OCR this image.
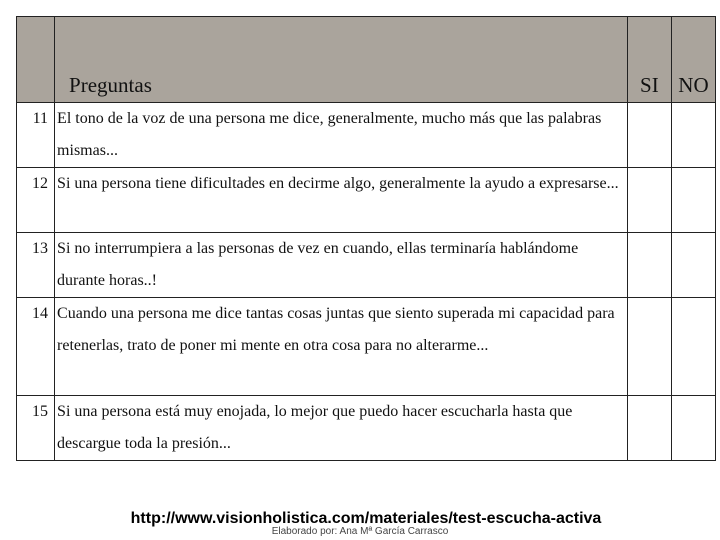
	Preguntas	SI	NO
11	El tono de la voz de una persona me dice, generalmente, mucho más que las palabras mismas...		
12	Si una persona tiene dificultades en decirme algo, generalmente la ayudo a expresarse...		
13	Si no interrumpiera a las personas de vez en cuando, ellas terminaría hablándome durante horas..!		
14	Cuando una persona me dice tantas cosas juntas que siento superada mi capacidad para retenerlas, trato de poner mi mente en otra cosa para no alterarme...		
15	Si una persona está muy enojada, lo mejor que puedo hacer escucharla hasta que descargue toda la presión...		
http://www.visionholistica.com/materiales/test-escucha-activa
Elaborado por: Ana Mª García Carrasco
